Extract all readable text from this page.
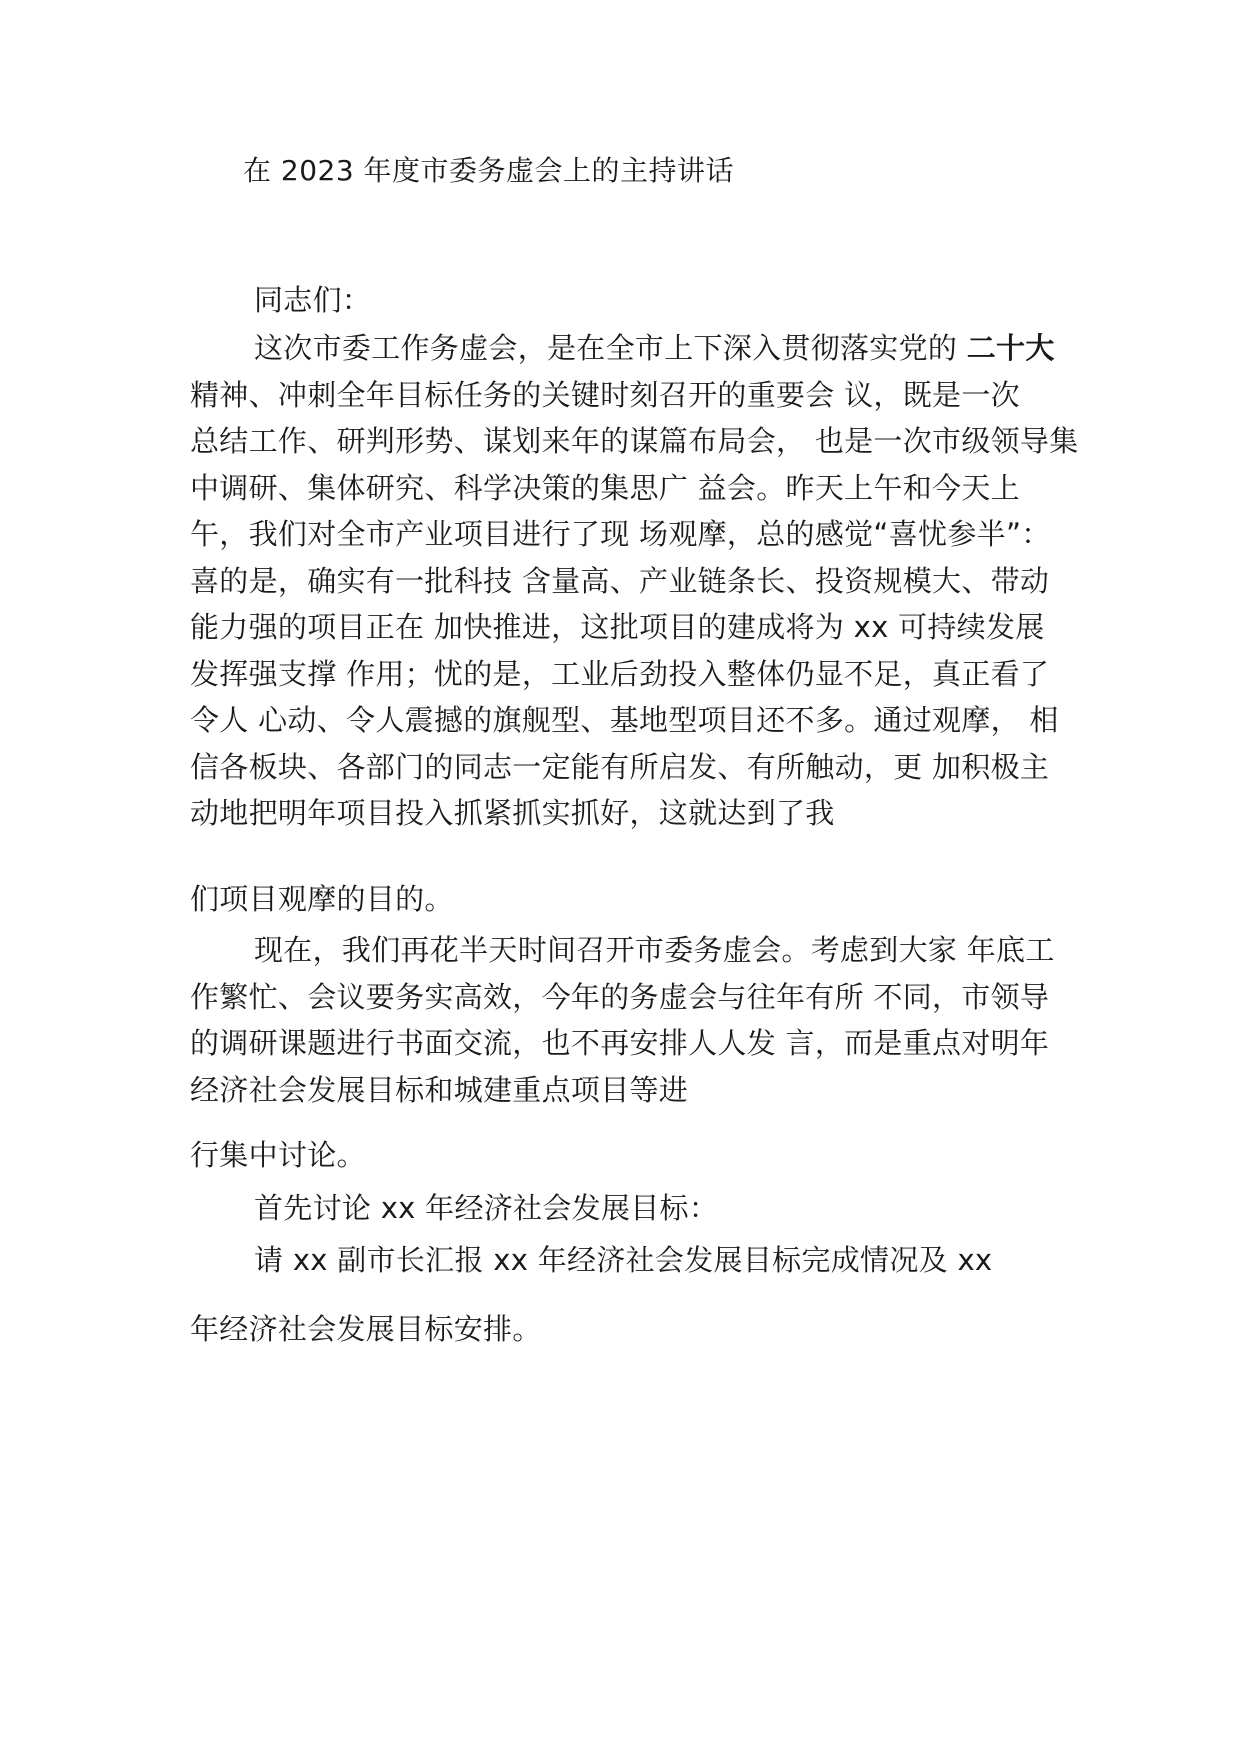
在 2023 年度市委务虚会上的主持讲话
同志们：
这次市委工作务虚会，是在全市上下深入贯彻落实党的 二十大
精神、冲刺全年目标任务的关键时刻召开的重要会 议，既是一次
总结工作、研判形势、谋划来年的谋篇布局会， 也是一次市级领导集
中调研、集体研究、科学决策的集思广 益会。昨天上午和今天上
午，我们对全市产业项目进行了现 场观摩，总的感觉“喜忧参半”：
喜的是，确实有一批科技 含量高、产业链条长、投资规模大、带动
能力强的项目正在 加快推进，这批项目的建成将为 xx 可持续发展
发挥强支撑 作用；忧的是，工业后劲投入整体仍显不足，真正看了
令人 心动、令人震撼的旗舰型、基地型项目还不多。通过观摩， 相
信各板块、各部门的同志一定能有所启发、有所触动，更 加积极主
动地把明年项目投入抓紧抓实抓好，这就达到了我
们项目观摩的目的。
现在，我们再花半天时间召开市委务虚会。考虑到大家 年底工
作繁忙、会议要务实高效，今年的务虚会与往年有所 不同，市领导
的调研课题进行书面交流，也不再安排人人发 言，而是重点对明年
经济社会发展目标和城建重点项目等进
行集中讨论。
首先讨论 xx 年经济社会发展目标：
请 xx 副市长汇报 xx 年经济社会发展目标完成情况及 xx
年经济社会发展目标安排。
